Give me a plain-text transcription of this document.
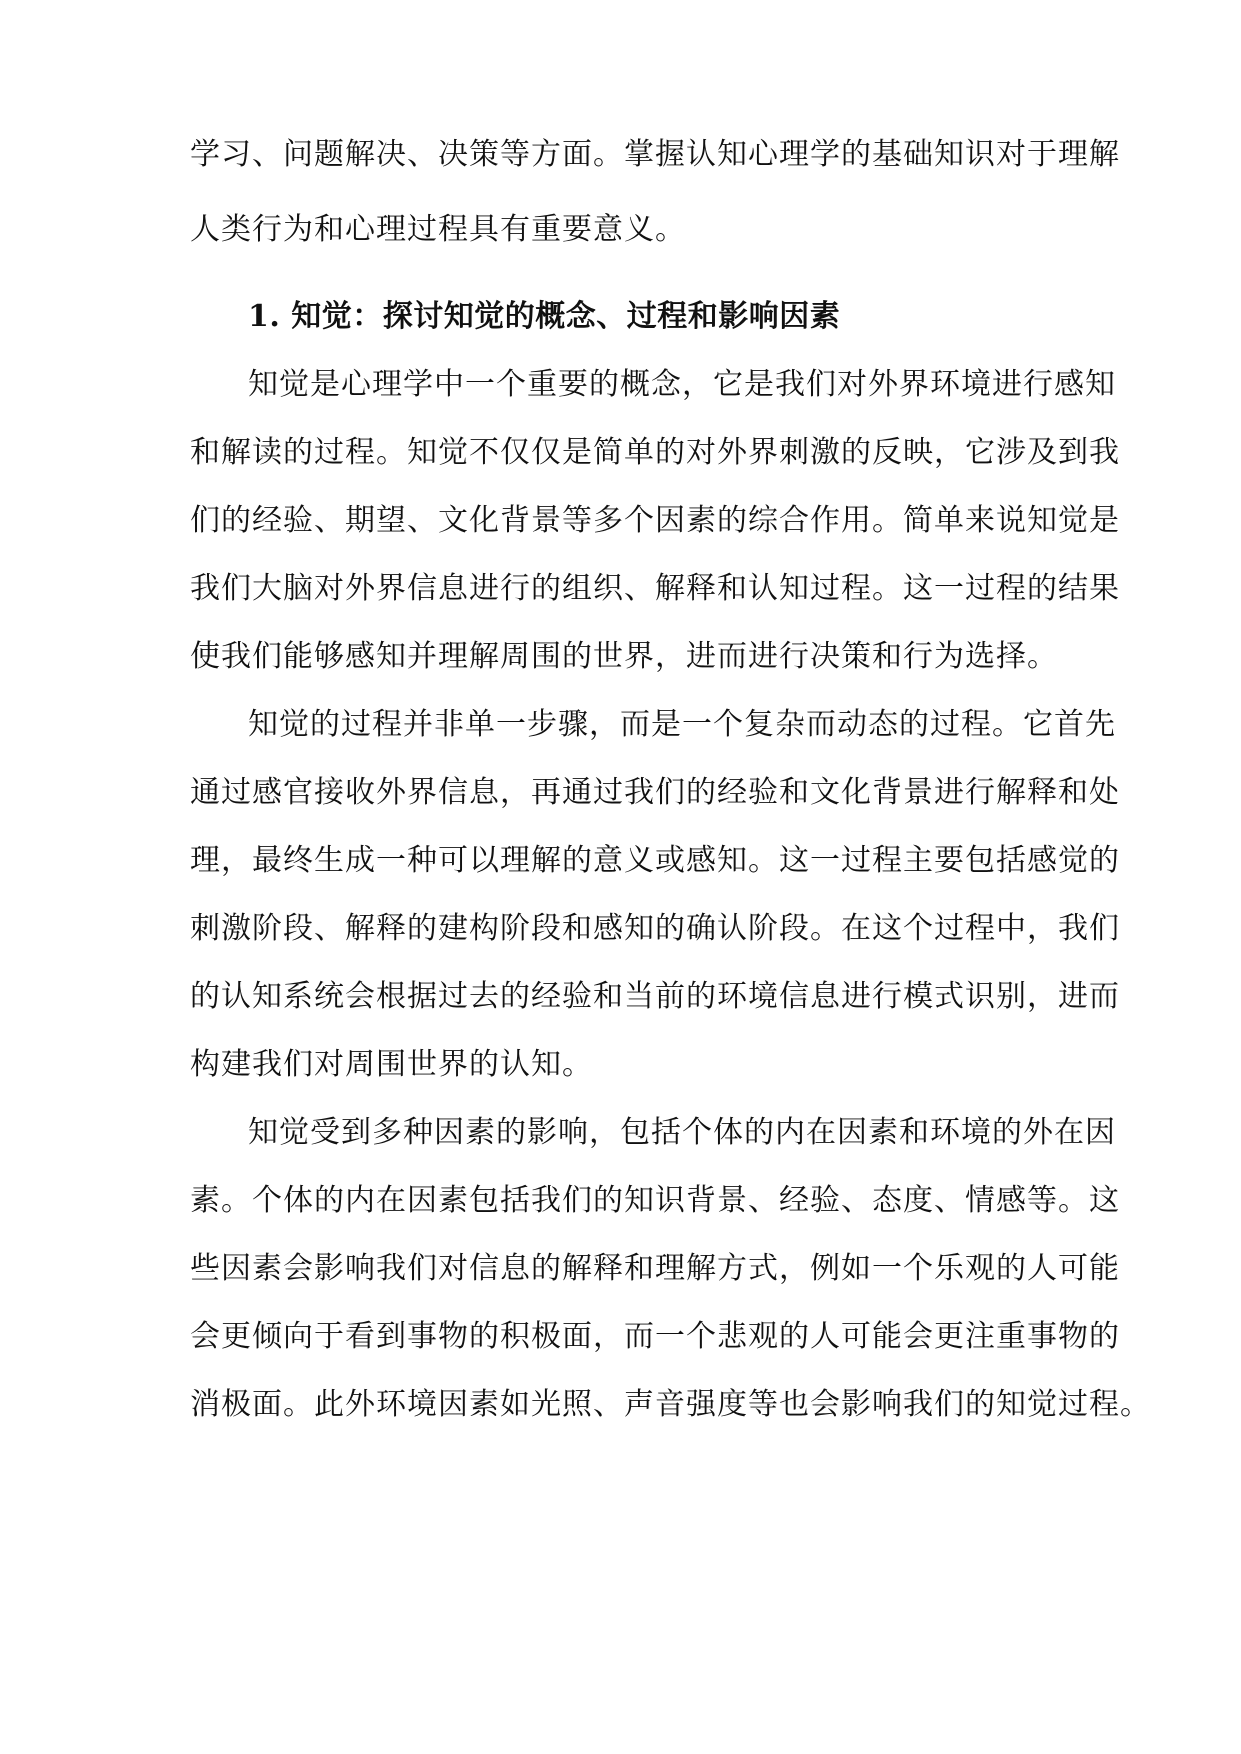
学习、问题解决、决策等方面。掌握认知心理学的基础知识对于理解
人类行为和心理过程具有重要意义。
1. 知觉：探讨知觉的概念、过程和影响因素
知觉是心理学中一个重要的概念，它是我们对外界环境进行感知
和解读的过程。知觉不仅仅是简单的对外界刺激的反映，它涉及到我
们的经验、期望、文化背景等多个因素的综合作用。简单来说知觉是
我们大脑对外界信息进行的组织、解释和认知过程。这一过程的结果
使我们能够感知并理解周围的世界，进而进行决策和行为选择。
知觉的过程并非单一步骤，而是一个复杂而动态的过程。它首先
通过感官接收外界信息，再通过我们的经验和文化背景进行解释和处
理，最终生成一种可以理解的意义或感知。这一过程主要包括感觉的
刺激阶段、解释的建构阶段和感知的确认阶段。在这个过程中，我们
的认知系统会根据过去的经验和当前的环境信息进行模式识别，进而
构建我们对周围世界的认知。
知觉受到多种因素的影响，包括个体的内在因素和环境的外在因
素。个体的内在因素包括我们的知识背景、经验、态度、情感等。这
些因素会影响我们对信息的解释和理解方式，例如一个乐观的人可能
会更倾向于看到事物的积极面，而一个悲观的人可能会更注重事物的
消极面。此外环境因素如光照、声音强度等也会影响我们的知觉过程。
